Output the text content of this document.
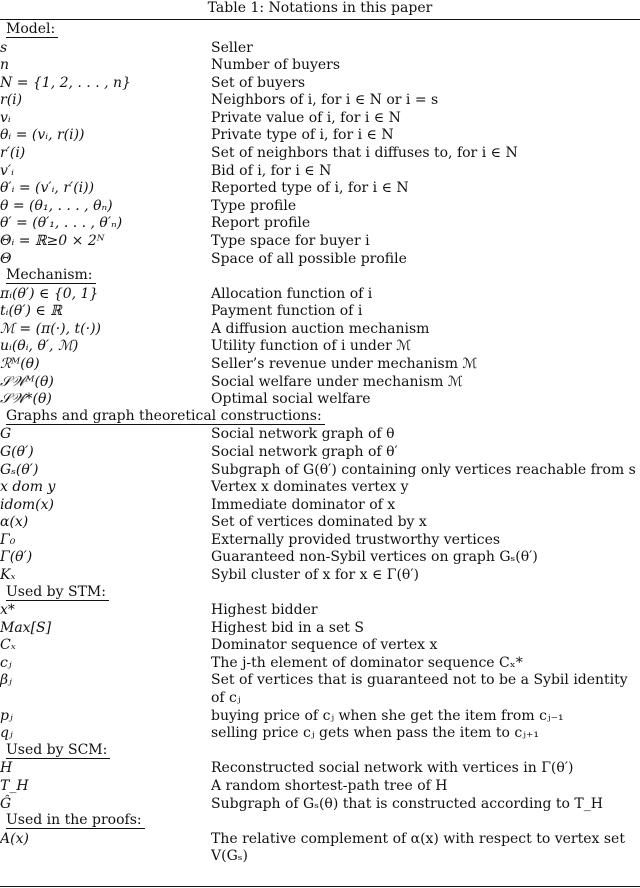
Table 1: Notations in this paper
Model:
s	Seller
n	Number of buyers
N = {1, 2, . . . , n}	Set of buyers
r(i)	Neighbors of i, for i ∈ N or i = s
vᵢ	Private value of i, for i ∈ N
θᵢ = (vᵢ, r(i))	Private type of i, for i ∈ N
r′(i)	Set of neighbors that i diffuses to, for i ∈ N
v′ᵢ	Bid of i, for i ∈ N
θ′ᵢ = (v′ᵢ, r′(i))	Reported type of i, for i ∈ N
θ = (θ₁, . . . , θₙ)	Type profile
θ′ = (θ′₁, . . . , θ′ₙ)	Report profile
Θᵢ = ℝ≥0 × 2ᴺ	Type space for buyer i
Θ	Space of all possible profile
Mechanism:
πᵢ(θ′) ∈ {0, 1}	Allocation function of i
tᵢ(θ′) ∈ ℝ	Payment function of i
ℳ = (π(·), t(·))	A diffusion auction mechanism
uᵢ(θᵢ, θ′, ℳ)	Utility function of i under ℳ
ℛᴹ(θ)	Seller’s revenue under mechanism ℳ
𝒮𝒲ᴹ(θ)	Social welfare under mechanism ℳ
𝒮𝒲*(θ)	Optimal social welfare
Graphs and graph theoretical constructions:
G	Social network graph of θ
G(θ′)	Social network graph of θ′
Gₛ(θ′)	Subgraph of G(θ′) containing only vertices reachable from s
x dom y	Vertex x dominates vertex y
idom(x)	Immediate dominator of x
α(x)	Set of vertices dominated by x
Γ₀	Externally provided trustworthy vertices
Γ(θ′)	Guaranteed non-Sybil vertices on graph Gₛ(θ′)
Kₓ	Sybil cluster of x for x ∈ Γ(θ′)
Used by STM:
x*	Highest bidder
Max[S]	Highest bid in a set S
Cₓ	Dominator sequence of vertex x
cⱼ	The j-th element of dominator sequence Cₓ*
βⱼ	Set of vertices that is guaranteed not to be a Sybil identity of cⱼ
pⱼ	buying price of cⱼ when she get the item from cⱼ₋₁
qⱼ	selling price cⱼ gets when pass the item to cⱼ₊₁
Used by SCM:
H	Reconstructed social network with vertices in Γ(θ′)
T_H	A random shortest-path tree of H
Ĝ	Subgraph of Gₛ(θ) that is constructed according to T_H
Used in the proofs:
A(x)	The relative complement of α(x) with respect to vertex set V(Gₛ)
